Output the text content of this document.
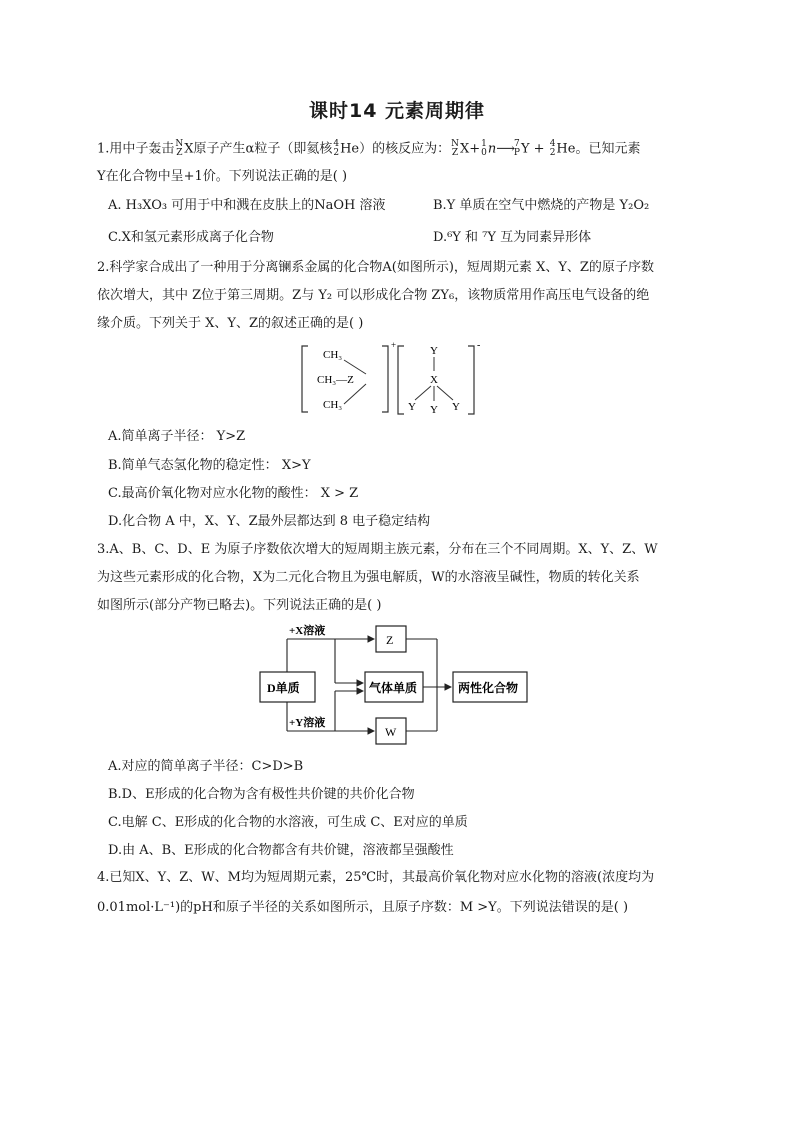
课时14 元素周期律
1.用中子轰击 N
Z X原子产生α粒子（即氦核 4
2 He）的核反应为： N
Z X+ 1
0 n⟶ 7
P Y + 4
2 He。已知元素
Y在化合物中呈+1价。下列说法正确的是( )
A. H₃XO₃ 可用于中和溅在皮肤上的NaOH 溶液	B.Y 单质在空气中燃烧的产物是 Y₂O₂
C.X和氢元素形成离子化合物	D.⁶Y 和 ⁷Y 互为同素异形体
2.科学家合成出了一种用于分离镧系金属的化合物A(如图所示)，短周期元素 X、Y、Z的原子序数
依次增大，其中 Z位于第三周期。Z与 Y₂ 可以形成化合物 ZY₆，该物质常用作高压电气设备的绝
缘介质。下列关于 X、Y、Z的叙述正确的是( )
CH₃
CH₃—Z
CH₃
+	Y
X
Y Y Y
-
A.简单离子半径： Y>Z
B.简单气态氢化物的稳定性： X>Y
C.最高价氧化物对应水化物的酸性： X > Z
D.化合物 A 中，X、Y、Z最外层都达到 8 电子稳定结构
3.A、B、C、D、E 为原子序数依次增大的短周期主族元素，分布在三个不同周期。X、Y、Z、W
为这些元素形成的化合物，X为二元化合物且为强电解质，W的水溶液呈碱性，物质的转化关系
如图所示(部分产物已略去)。下列说法正确的是( )
D单质
Z
气体单质
W
两性化合物
+X溶液
+Y溶液
A.对应的简单离子半径：C>D>B
B.D、E形成的化合物为含有极性共价键的共价化合物
C.电解 C、E形成的化合物的水溶液，可生成 C、E对应的单质
D.由 A、B、E形成的化合物都含有共价键，溶液都呈强酸性
4.已知X、Y、Z、W、M均为短周期元素，25℃时，其最高价氧化物对应水化物的溶液(浓度均为
0.01mol·L⁻¹)的pH和原子半径的关系如图所示，且原子序数：M >Y。下列说法错误的是( )
